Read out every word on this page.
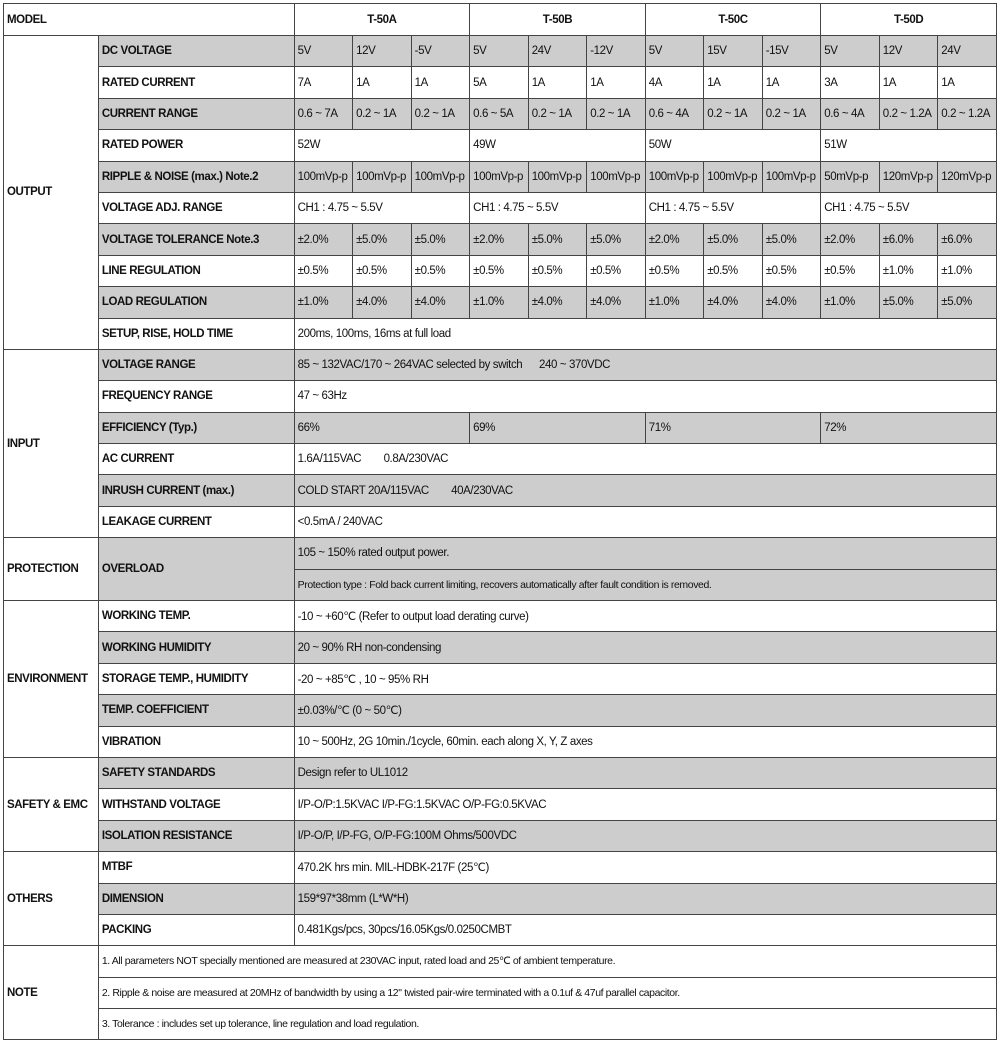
MODEL		T-50A			T-50B			T-50C			T-50D		
OUTPUT	DC VOLTAGE	5V	12V	-5V	5V	24V	-12V	5V	15V	-15V	5V	12V	24V
	RATED CURRENT	7A	1A	1A	5A	1A	1A	4A	1A	1A	3A	1A	1A
	CURRENT RANGE	0.6 ~ 7A	0.2 ~ 1A	0.2 ~ 1A	0.6 ~ 5A	0.2 ~ 1A	0.2 ~ 1A	0.6 ~ 4A	0.2 ~ 1A	0.2 ~ 1A	0.6 ~ 4A	0.2 ~ 1.2A	0.2 ~ 1.2A
	RATED POWER	52W			49W			50W			51W		
	RIPPLE & NOISE (max.) Note.2	100mVp-p	100mVp-p	100mVp-p	100mVp-p	100mVp-p	100mVp-p	100mVp-p	100mVp-p	100mVp-p	50mVp-p	120mVp-p	120mVp-p
	VOLTAGE ADJ. RANGE	CH1 : 4.75 ~ 5.5V			CH1 : 4.75 ~ 5.5V			CH1 : 4.75 ~ 5.5V			CH1 : 4.75 ~ 5.5V		
	VOLTAGE TOLERANCE Note.3	±2.0%	±5.0%	±5.0%	±2.0%	±5.0%	±5.0%	±2.0%	±5.0%	±5.0%	±2.0%	±6.0%	±6.0%
	LINE REGULATION	±0.5%	±0.5%	±0.5%	±0.5%	±0.5%	±0.5%	±0.5%	±0.5%	±0.5%	±0.5%	±1.0%	±1.0%
	LOAD REGULATION	±1.0%	±4.0%	±4.0%	±1.0%	±4.0%	±4.0%	±1.0%	±4.0%	±4.0%	±1.0%	±5.0%	±5.0%
	SETUP, RISE, HOLD TIME	200ms, 100ms, 16ms at full load											
INPUT	VOLTAGE RANGE	85 ~ 132VAC/170 ~ 264VAC selected by switch      240 ~ 370VDC											
	FREQUENCY RANGE	47 ~ 63Hz											
	EFFICIENCY (Typ.)	66%			69%			71%			72%		
	AC CURRENT	1.6A/115VAC        0.8A/230VAC											
	INRUSH CURRENT (max.)	COLD START 20A/115VAC        40A/230VAC											
	LEAKAGE CURRENT	<0.5mA / 240VAC											
PROTECTION	OVERLOAD	105 ~ 150% rated output power.											
		Protection type : Fold back current limiting, recovers automatically after fault condition is removed.											
ENVIRONMENT	WORKING TEMP.	-10 ~ +60℃ (Refer to output load derating curve)											
	WORKING HUMIDITY	20 ~ 90% RH non-condensing											
	STORAGE TEMP., HUMIDITY	-20 ~ +85℃ , 10 ~ 95% RH											
	TEMP. COEFFICIENT	±0.03%/℃ (0 ~ 50℃)											
	VIBRATION	10 ~ 500Hz, 2G 10min./1cycle, 60min. each along X, Y, Z axes											
SAFETY & EMC	SAFETY STANDARDS	Design refer to UL1012											
	WITHSTAND VOLTAGE	I/P-O/P:1.5KVAC I/P-FG:1.5KVAC O/P-FG:0.5KVAC											
	ISOLATION RESISTANCE	I/P-O/P, I/P-FG, O/P-FG:100M Ohms/500VDC											
OTHERS	MTBF	470.2K hrs min. MIL-HDBK-217F (25℃)											
	DIMENSION	159*97*38mm (L*W*H)											
	PACKING	0.481Kgs/pcs, 30pcs/16.05Kgs/0.0250CMBT											
NOTE	1. All parameters NOT specially mentioned are measured at 230VAC input, rated load and 25℃ of ambient temperature.												
	2. Ripple & noise are measured at 20MHz of bandwidth by using a 12" twisted pair-wire terminated with a 0.1uf & 47uf parallel capacitor.												
	3. Tolerance : includes set up tolerance, line regulation and load regulation.												
